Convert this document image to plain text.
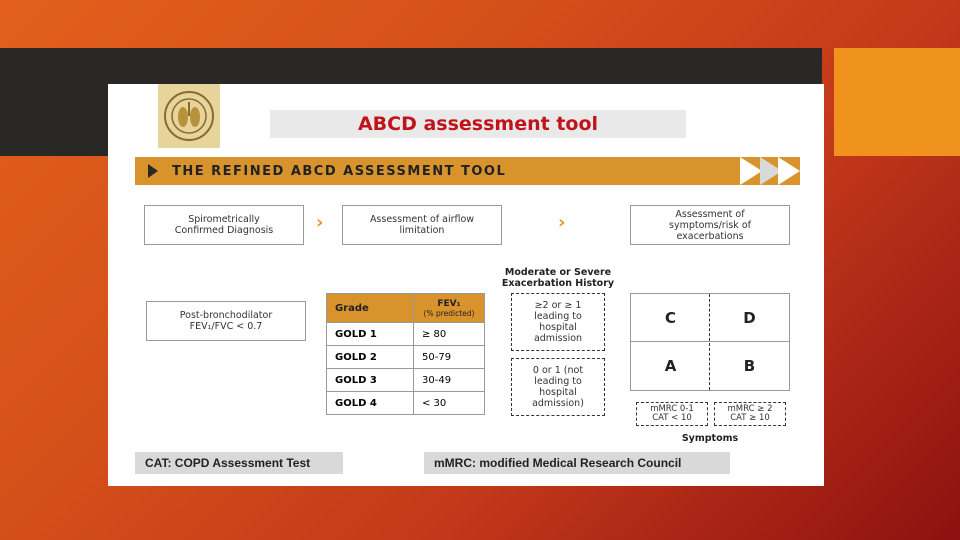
ABCD assessment tool
THE REFINED ABCD ASSESSMENT TOOL
Spirometrically Confirmed Diagnosis	›	Assessment of airflow limitation	›	Assessment of symptoms/risk of exacerbations
Post-bronchodilator FEV₁/FVC < 0.7
Grade	FEV₁
(% predicted)
GOLD 1	≥ 80
GOLD 2	50-79
GOLD 3	30-49
GOLD 4	< 30
Moderate or Severe Exacerbation History
≥2 or ≥ 1 leading to hospital admission
0 or 1 (not leading to hospital admission)
C	D
A	B
mMRC 0-1 CAT < 10
mMRC ≥ 2 CAT ≥ 10
Symptoms
CAT: COPD Assessment Test	mMRC: modified Medical Research Council
